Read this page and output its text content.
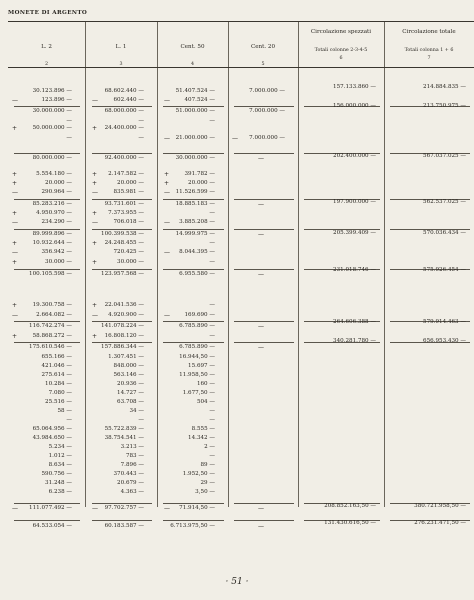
MONETE DI ARGENTO
L. 2
2
L. 1
3
Cent. 50
4
Cent. 20
5
Circolazione spezzati
Totali colonne 2-3-4-5
6
Circolazione totale
Totali colonna 1 + 6
7
30.123.896 —
123.896 —
—
30.000.000 —
—
50.000.000 —
+
—
80.000.000 —
5.554.180 —
+
20.000 —
+
290.964 —
—
85.283.216 —
4.950.970 —
+
234.290 —
—
89.999.896 —
10.932.644 —
+
356.942 —
—
30.000 —
+
100.105.598 —
19.300.758 —
+
2.664.082 —
—
116.742.274 —
58.868.272 —
+
175.610.546 —
655.166 —
421.046 —
275.614 —
10.284 —
7.080 —
25.516 —
58 —
—
65.064.956 —
43.984.650 —
5.234 —
1.012 —
8.634 —
590.756 —
31.248 —
6.238 —
111.077.492 —
—
64.533.054 —
68.602.440 —
602.440 —
—
68.000.000 —
—
24.400.000 —
+
—
92.400.000 —
2.147.582 —
+
20.000 —
+
835.981 —
—
93.731.601 —
7.373.955 —
+
706.018 —
—
100.399.538 —
24.248.455 —
+
720.425 —
30.000 —
+
123.957.568 —
22.041.536 —
+
4.920.900 —
—
141.078.224 —
16.808.120 —
+
157.886.344 —
1.307.451 —
848.000 —
563.146 —
20.936 —
14.727 —
63.708 —
34 —
—
55.722.839 —
38.754.541 —
3.213 —
783 —
7.896 —
370.443 —
20.679 —
4.363 —
97.702.757 —
—
60.183.587 —
51.407.524 —
407.524 —
—
51.000.000 —
—
21.000.000 —
—
30.000.000 —
391.782 —
+
20.000 —
+
11.526.599 —
—
18.885.183 —
—
3.885.208 —
—
14.999.975 —
—
8.044.395 —
—
—
6.955.580 —
—
169.690 —
—
6.785.890 —
—
6.785.890 —
16.944,50 —
15.697 —
11.958,50 —
160 —
1.677,50 —
504 —
—
—
8.555 —
14.342 —
2 —
—
89 —
1.952,50 —
29 —
3,50 —
71.914,50 —
—
6.713.975,50 —
7.000.000 —
7.000.000 —
7.000.000 —
—
—
—
—
—
—
—
—
—
157.133.860 —
156.000.000 —
202.400.000 —
197.900.000 —
205.399.409 —
231.018.746 —
264.606.388 —
340.281.780 —
208.852.163,50 —
131.430.616,50 —
214.884.835 —
213.750.975 —
567.037.025 —
562.537.025 —
570.036.434 —
575.926.454 —
579.914.463 —
656.953.430 —
380.721.958,50 —
276.231.471,50 —
· 51 ·
